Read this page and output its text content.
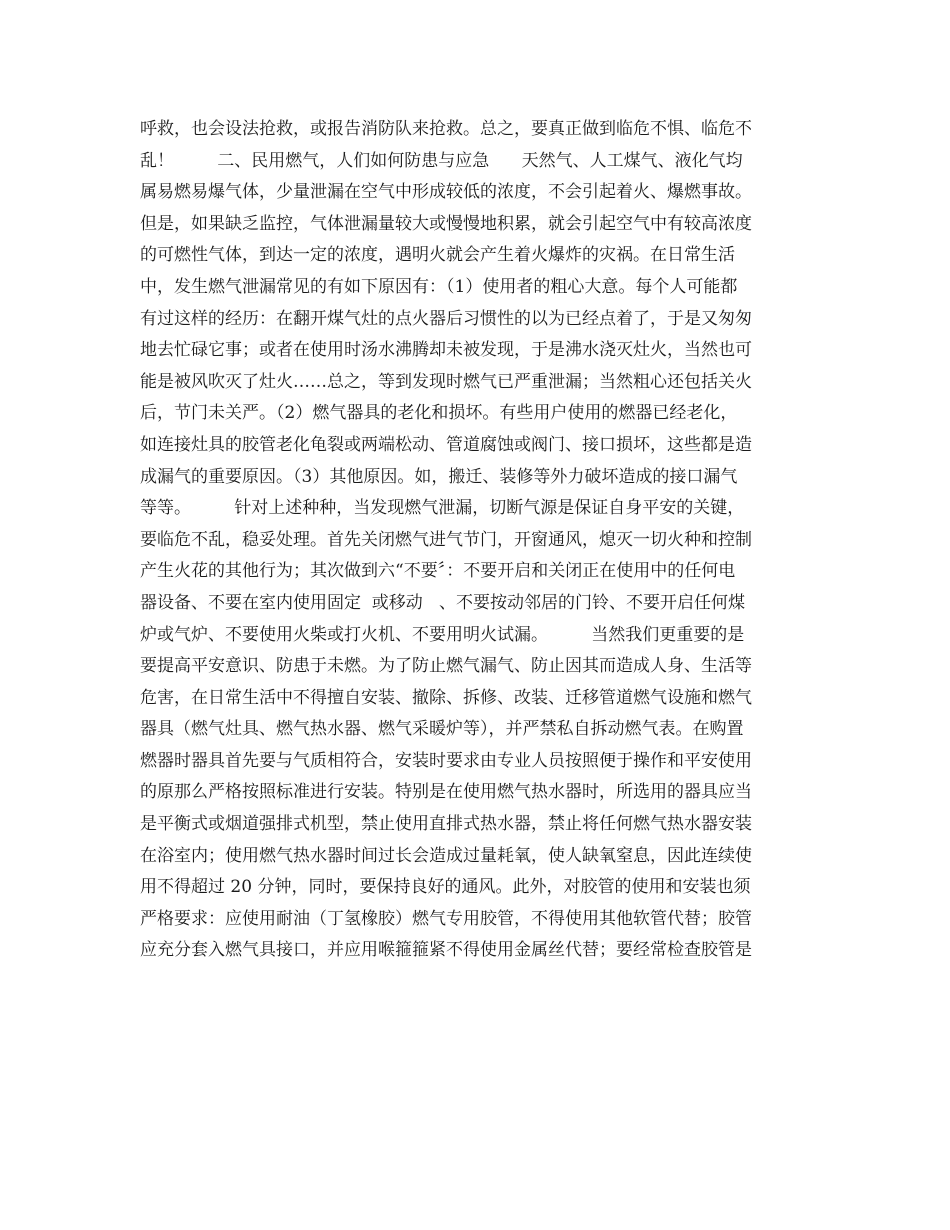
呼救，也会设法抢救，或报告消防队来抢救。总之，要真正做到临危不惧、临危不
乱！        二、民用燃气，人们如何防患与应急      天然气、人工煤气、液化气均
属易燃易爆气体，少量泄漏在空气中形成较低的浓度，不会引起着火、爆燃事故。
但是，如果缺乏监控，气体泄漏量较大或慢慢地积累，就会引起空气中有较高浓度
的可燃性气体，到达一定的浓度，遇明火就会产生着火爆炸的灾祸。在日常生活
中，发生燃气泄漏常见的有如下原因有：（1）使用者的粗心大意。每个人可能都
有过这样的经历：在翻开煤气灶的点火器后习惯性的以为已经点着了，于是又匆匆
地去忙碌它事；或者在使用时汤水沸腾却未被发现，于是沸水浇灭灶火，当然也可
能是被风吹灭了灶火……总之，等到发现时燃气已严重泄漏；当然粗心还包括关火
后，节门未关严。（2）燃气器具的老化和损坏。有些用户使用的燃器已经老化，
如连接灶具的胶管老化龟裂或两端松动、管道腐蚀或阀门、接口损坏，这些都是造
成漏气的重要原因。（3）其他原因。如，搬迁、装修等外力破坏造成的接口漏气
等等。        针对上述种种，当发现燃气泄漏，切断气源是保证自身平安的关键，
要临危不乱，稳妥处理。首先关闭燃气进气节门，开窗通风，熄灭一切火种和控制
产生火花的其他行为；其次做到六“不要〞：不要开启和关闭正在使用中的任何电
器设备、不要在室内使用固定  或移动   、不要按动邻居的门铃、不要开启任何煤
炉或气炉、不要使用火柴或打火机、不要用明火试漏。        当然我们更重要的是
要提高平安意识、防患于未燃。为了防止燃气漏气、防止因其而造成人身、生活等
危害，在日常生活中不得擅自安装、撤除、拆修、改装、迁移管道燃气设施和燃气
器具（燃气灶具、燃气热水器、燃气采暖炉等），并严禁私自拆动燃气表。在购置
燃器时器具首先要与气质相符合，安装时要求由专业人员按照便于操作和平安使用
的原那么严格按照标准进行安装。特别是在使用燃气热水器时，所选用的器具应当
是平衡式或烟道强排式机型，禁止使用直排式热水器，禁止将任何燃气热水器安装
在浴室内；使用燃气热水器时间过长会造成过量耗氧，使人缺氧窒息，因此连续使
用不得超过 20 分钟，同时，要保持良好的通风。此外，对胶管的使用和安装也须
严格要求：应使用耐油（丁氢橡胶）燃气专用胶管，不得使用其他软管代替；胶管
应充分套入燃气具接口，并应用喉箍箍紧不得使用金属丝代替；要经常检查胶管是
